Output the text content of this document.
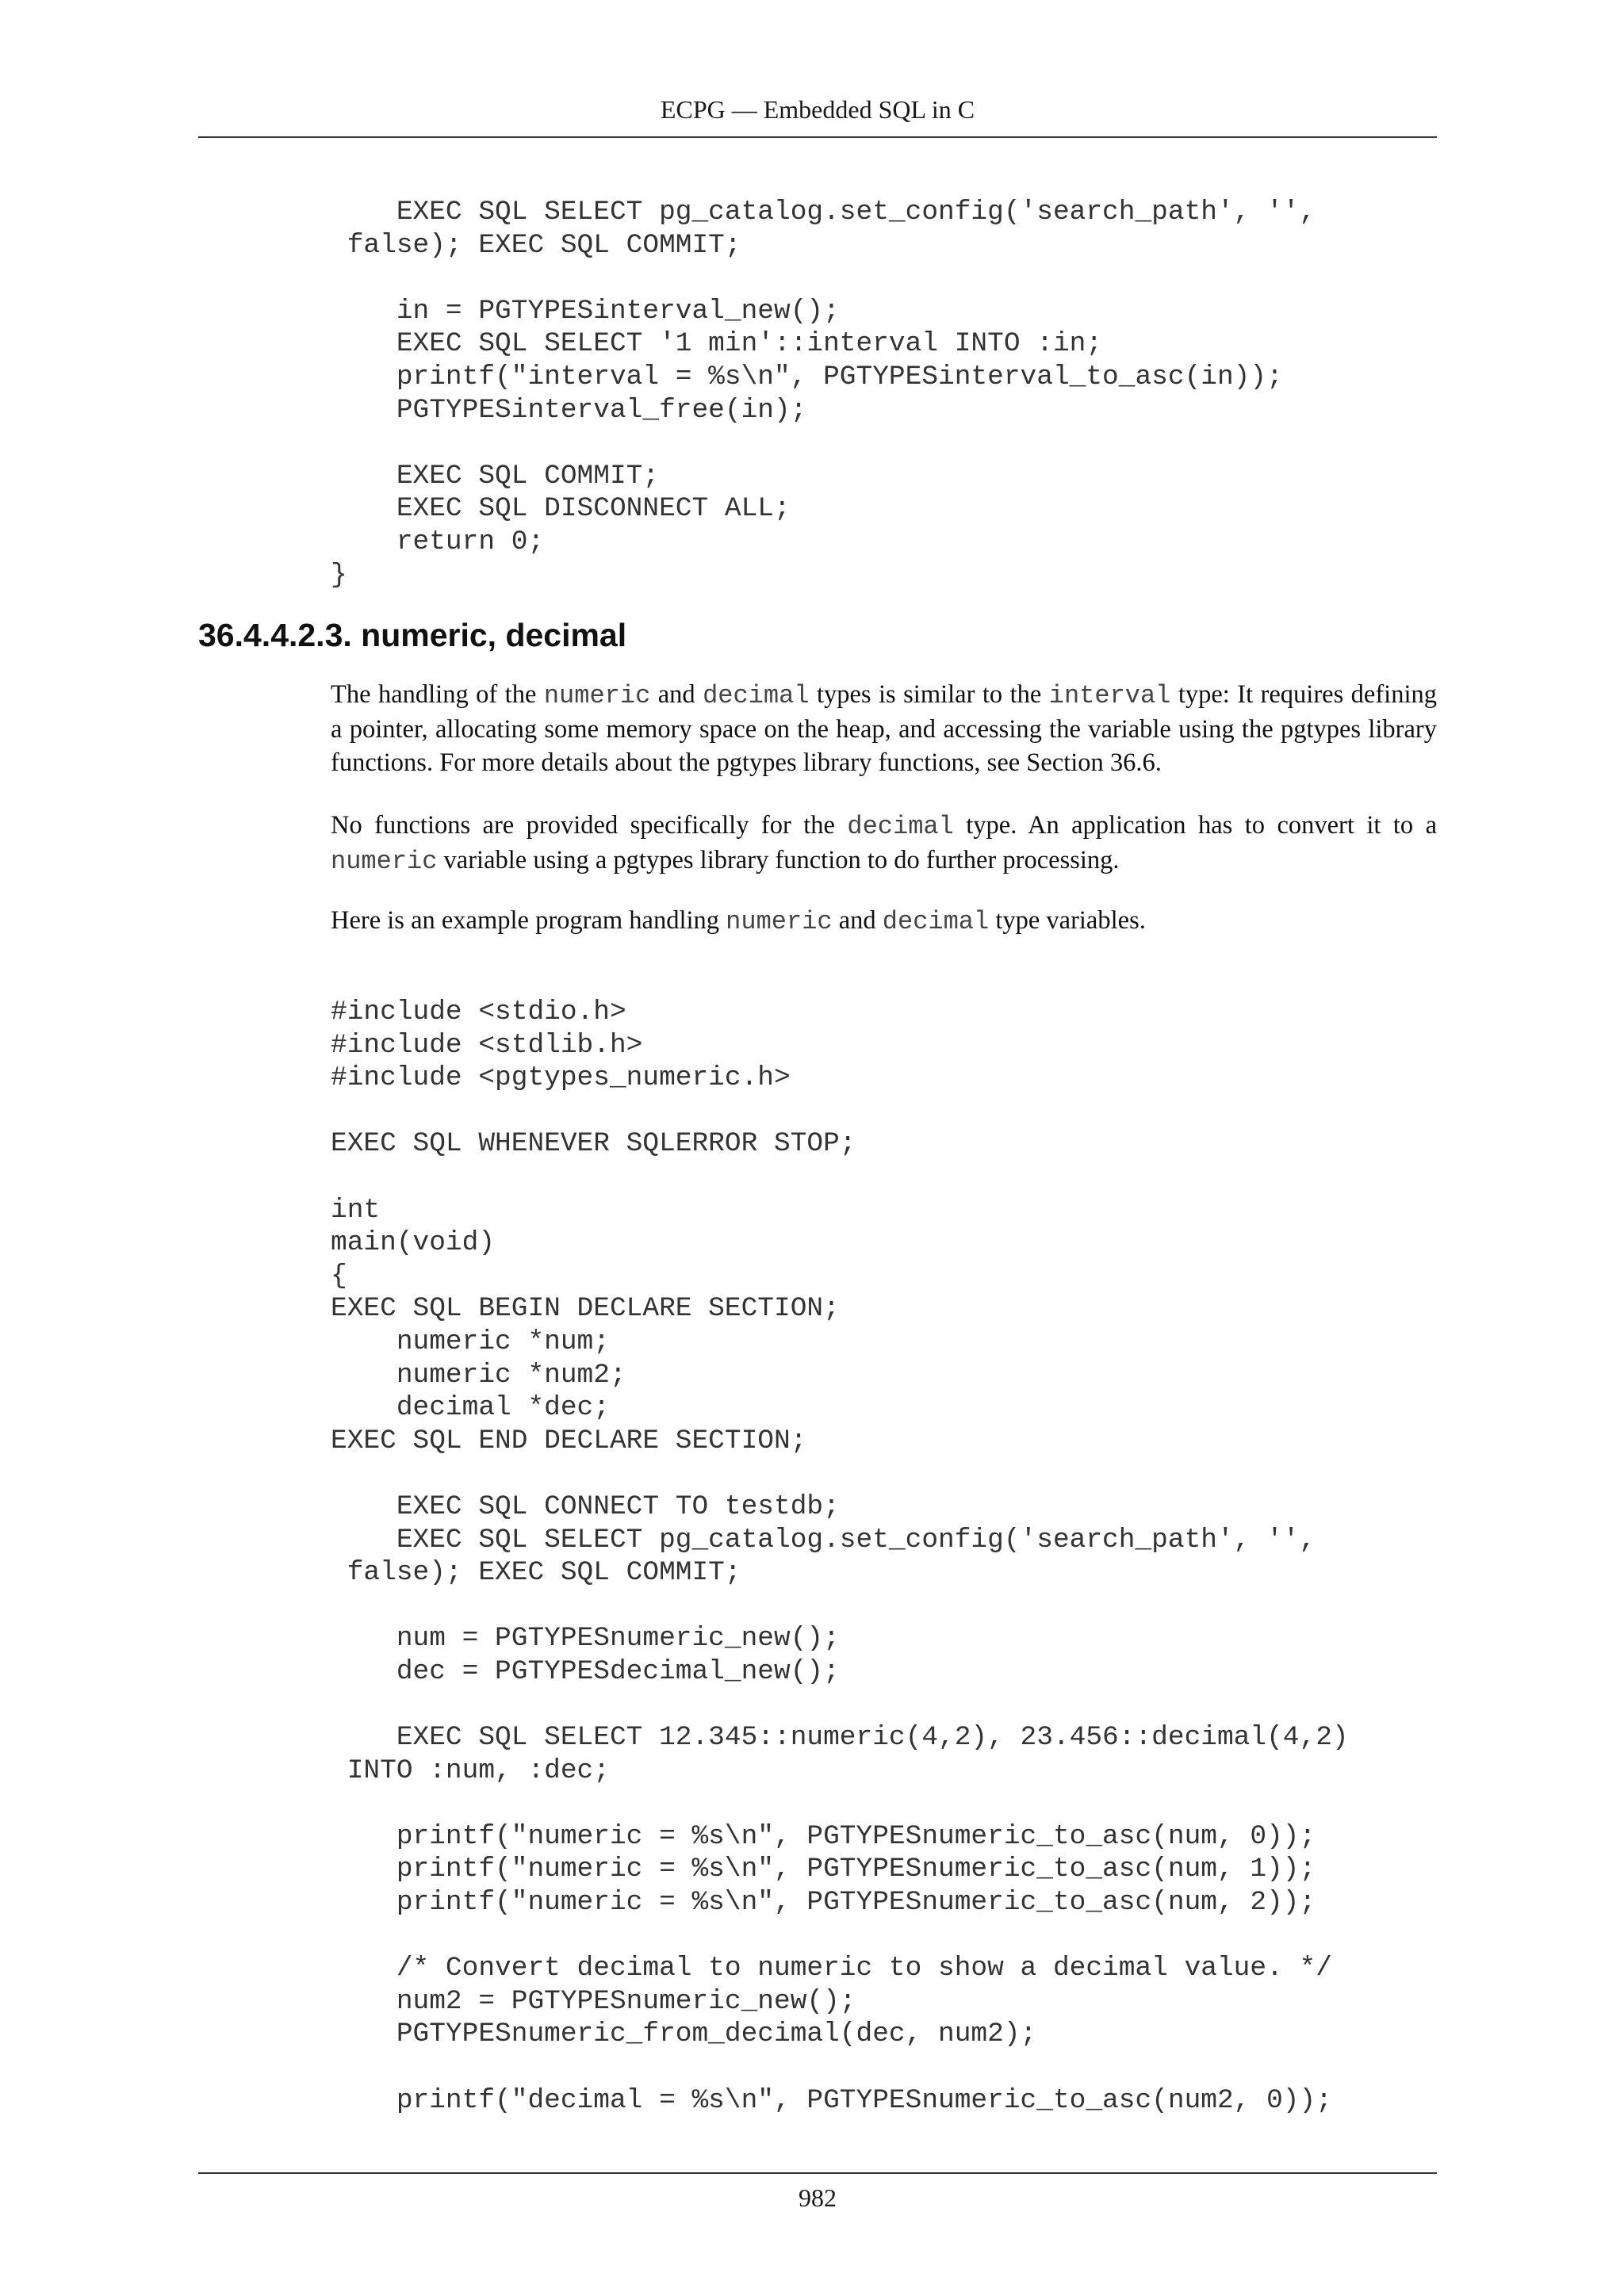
ECPG — Embedded SQL in C
EXEC SQL SELECT pg_catalog.set_config('search_path', '',
false); EXEC SQL COMMIT;

in = PGTYPESinterval_new();
EXEC SQL SELECT '1 min'::interval INTO :in;
printf("interval = %s\n", PGTYPESinterval_to_asc(in));
PGTYPESinterval_free(in);

EXEC SQL COMMIT;
EXEC SQL DISCONNECT ALL;
return 0;
}
36.4.4.2.3. numeric, decimal

The handling of the numeric and decimal types is similar to the interval type: It requires defining a pointer, allocating some memory space on the heap, and accessing the variable using the pgtypes library functions. For more details about the pgtypes library functions, see Section 36.6.

No functions are provided specifically for the decimal type. An application has to convert it to a numeric variable using a pgtypes library function to do further processing.

Here is an example program handling numeric and decimal type variables.

#include <stdio.h>
#include <stdlib.h>
#include <pgtypes_numeric.h>

EXEC SQL WHENEVER SQLERROR STOP;

int
main(void)
{
EXEC SQL BEGIN DECLARE SECTION;
numeric *num;
numeric *num2;
decimal *dec;
EXEC SQL END DECLARE SECTION;

EXEC SQL CONNECT TO testdb;
EXEC SQL SELECT pg_catalog.set_config('search_path', '',
false); EXEC SQL COMMIT;

num = PGTYPESnumeric_new();
dec = PGTYPESdecimal_new();

EXEC SQL SELECT 12.345::numeric(4,2), 23.456::decimal(4,2)
INTO :num, :dec;

printf("numeric = %s\n", PGTYPESnumeric_to_asc(num, 0));
printf("numeric = %s\n", PGTYPESnumeric_to_asc(num, 1));
printf("numeric = %s\n", PGTYPESnumeric_to_asc(num, 2));

/* Convert decimal to numeric to show a decimal value. */
num2 = PGTYPESnumeric_new();
PGTYPESnumeric_from_decimal(dec, num2);

printf("decimal = %s\n", PGTYPESnumeric_to_asc(num2, 0));
982
